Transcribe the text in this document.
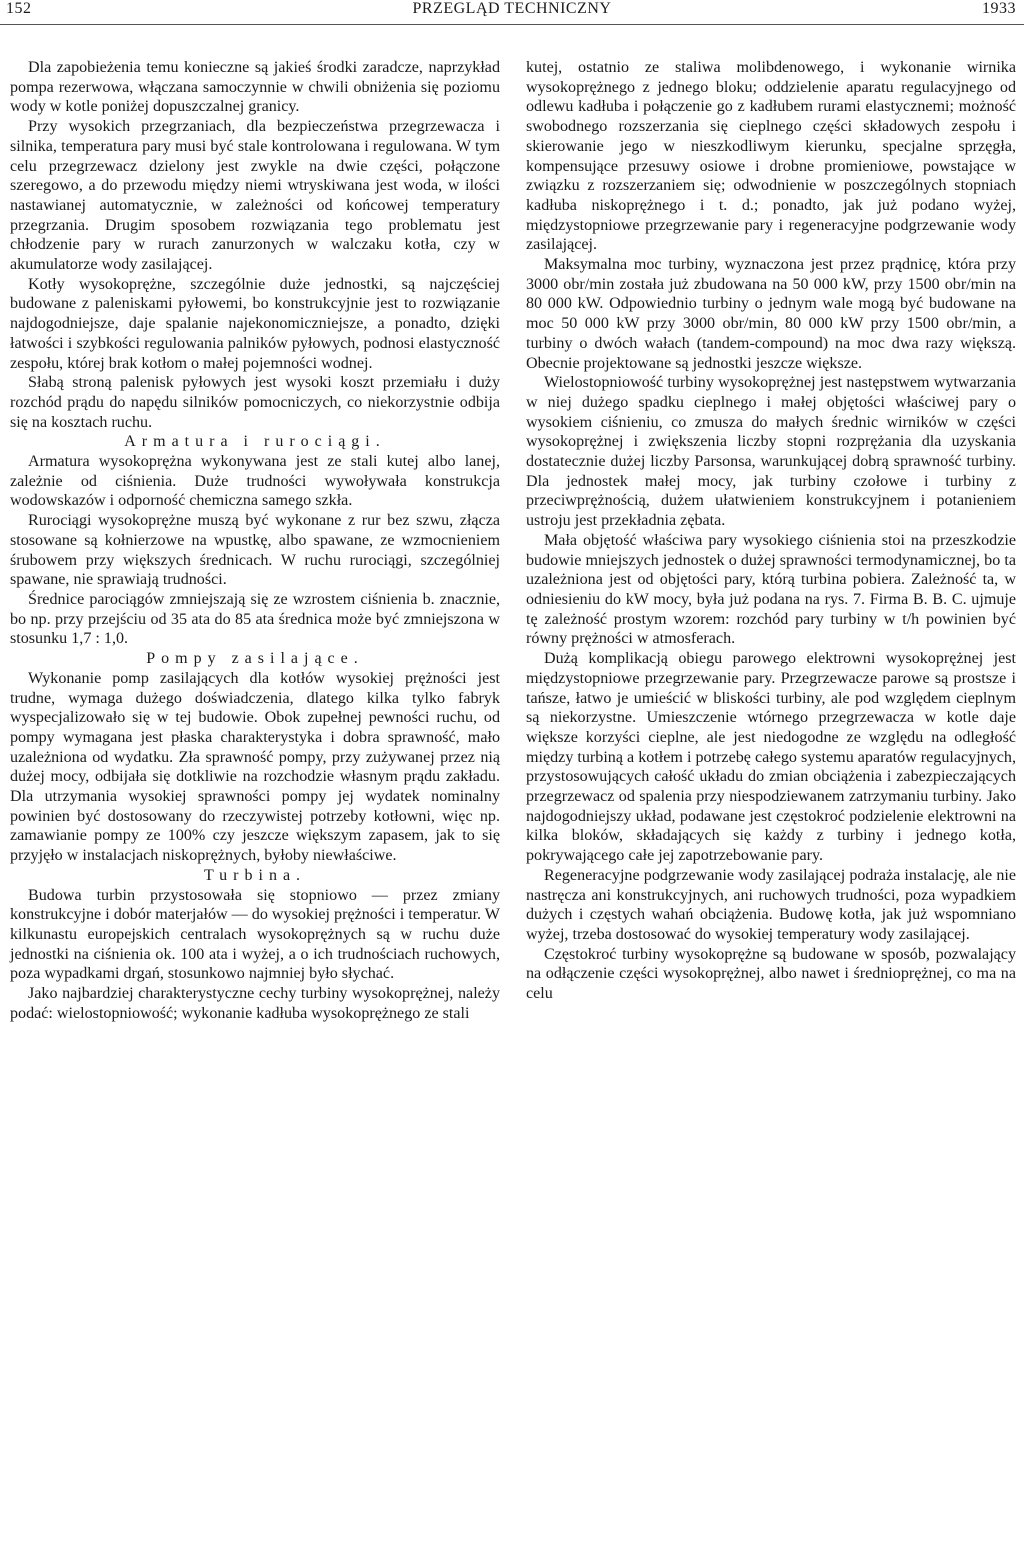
152	PRZEGLĄD TECHNICZNY	1933

Dla zapobieżenia temu konieczne są jakieś środki zaradcze, naprzykład pompa rezerwowa, włączana samoczynnie w chwili obniżenia się poziomu wody w kotle poniżej dopuszczalnej granicy.

Przy wysokich przegrzaniach, dla bezpieczeństwa przegrzewacza i silnika, temperatura pary musi być stale kontrolowana i regulowana. W tym celu przegrzewacz dzielony jest zwykle na dwie części, połączone szeregowo, a do przewodu między niemi wtryskiwana jest woda, w ilości nastawianej automatycznie, w zależności od końcowej temperatury przegrzania. Drugim sposobem rozwiązania tego problematu jest chłodzenie pary w rurach zanurzonych w walczaku kotła, czy w akumulatorze wody zasilającej.

Kotły wysokoprężne, szczególnie duże jednostki, są najczęściej budowane z paleniskami pyłowemi, bo konstrukcyjnie jest to rozwiązanie najdogodniejsze, daje spalanie najekonomiczniejsze, a ponadto, dzięki łatwości i szybkości regulowania palników pyłowych, podnosi elastyczność zespołu, której brak kotłom o małej pojemności wodnej.

Słabą stroną palenisk pyłowych jest wysoki koszt przemiału i duży rozchód prądu do napędu silników pomocniczych, co niekorzystnie odbija się na kosztach ruchu.

Armatura i rurociągi.

Armatura wysokoprężna wykonywana jest ze stali kutej albo lanej, zależnie od ciśnienia. Duże trudności wywoływała konstrukcja wodowskazów i odporność chemiczna samego szkła.

Rurociągi wysokoprężne muszą być wykonane z rur bez szwu, złącza stosowane są kołnierzowe na wpustkę, albo spawane, ze wzmocnieniem śrubowem przy większych średnicach. W ruchu rurociągi, szczególniej spawane, nie sprawiają trudności.

Średnice parociągów zmniejszają się ze wzrostem ciśnienia b. znacznie, bo np. przy przejściu od 35 ata do 85 ata średnica może być zmniejszona w stosunku 1,7 : 1,0.

Pompy zasilające.

Wykonanie pomp zasilających dla kotłów wysokiej prężności jest trudne, wymaga dużego doświadczenia, dlatego kilka tylko fabryk wyspecjalizowało się w tej budowie. Obok zupełnej pewności ruchu, od pompy wymagana jest płaska charakterystyka i dobra sprawność, mało uzależniona od wydatku. Zła sprawność pompy, przy zużywanej przez nią dużej mocy, odbijała się dotkliwie na rozchodzie własnym prądu zakładu. Dla utrzymania wysokiej sprawności pompy jej wydatek nominalny powinien być dostosowany do rzeczywistej potrzeby kotłowni, więc np. zamawianie pompy ze 100% czy jeszcze większym zapasem, jak to się przyjęło w instalacjach niskoprężnych, byłoby niewłaściwe.

Turbina.

Budowa turbin przystosowała się stopniowo — przez zmiany konstrukcyjne i dobór materjałów — do wysokiej prężności i temperatur. W kilkunastu europejskich centralach wysokoprężnych są w ruchu duże jednostki na ciśnienia ok. 100 ata i wyżej, a o ich trudnościach ruchowych, poza wypadkami drgań, stosunkowo najmniej było słychać.

Jako najbardziej charakterystyczne cechy turbiny wysokoprężnej, należy podać: wielostopniowość; wykonanie kadłuba wysokoprężnego ze stali

kutej, ostatnio ze staliwa molibdenowego, i wykonanie wirnika wysokoprężnego z jednego bloku; oddzielenie aparatu regulacyjnego od odlewu kadłuba i połączenie go z kadłubem rurami elastycznemi; możność swobodnego rozszerzania się cieplnego części składowych zespołu i skierowanie jego w nieszkodliwym kierunku, specjalne sprzęgła, kompensujące przesuwy osiowe i drobne promieniowe, powstające w związku z rozszerzaniem się; odwodnienie w poszczególnych stopniach kadłuba niskoprężnego i t. d.; ponadto, jak już podano wyżej, międzystopniowe przegrzewanie pary i regeneracyjne podgrzewanie wody zasilającej.

Maksymalna moc turbiny, wyznaczona jest przez prądnicę, która przy 3000 obr/min została już zbudowana na 50 000 kW, przy 1500 obr/min na 80 000 kW. Odpowiednio turbiny o jednym wale mogą być budowane na moc 50 000 kW przy 3000 obr/min, 80 000 kW przy 1500 obr/min, a turbiny o dwóch wałach (tandem-compound) na moc dwa razy większą. Obecnie projektowane są jednostki jeszcze większe.

Wielostopniowość turbiny wysokoprężnej jest następstwem wytwarzania w niej dużego spadku cieplnego i małej objętości właściwej pary o wysokiem ciśnieniu, co zmusza do małych średnic wirników w części wysokoprężnej i zwiększenia liczby stopni rozprężania dla uzyskania dostatecznie dużej liczby Parsonsa, warunkującej dobrą sprawność turbiny. Dla jednostek małej mocy, jak turbiny czołowe i turbiny z przeciwprężnością, dużem ułatwieniem konstrukcyjnem i potanieniem ustroju jest przekładnia zębata.

Mała objętość właściwa pary wysokiego ciśnienia stoi na przeszkodzie budowie mniejszych jednostek o dużej sprawności termodynamicznej, bo ta uzależniona jest od objętości pary, którą turbina pobiera. Zależność ta, w odniesieniu do kW mocy, była już podana na rys. 7. Firma B. B. C. ujmuje tę zależność prostym wzorem: rozchód pary turbiny w t/h powinien być równy prężności w atmosferach.

Dużą komplikacją obiegu parowego elektrowni wysokoprężnej jest międzystopniowe przegrzewanie pary. Przegrzewacze parowe są prostsze i tańsze, łatwo je umieścić w bliskości turbiny, ale pod względem cieplnym są niekorzystne. Umieszczenie wtórnego przegrzewacza w kotle daje większe korzyści cieplne, ale jest niedogodne ze względu na odległość między turbiną a kotłem i potrzebę całego systemu aparatów regulacyjnych, przystosowujących całość układu do zmian obciążenia i zabezpieczających przegrzewacz od spalenia przy niespodziewanem zatrzymaniu turbiny. Jako najdogodniejszy układ, podawane jest częstokroć podzielenie elektrowni na kilka bloków, składających się każdy z turbiny i jednego kotła, pokrywającego całe jej zapotrzebowanie pary.

Regeneracyjne podgrzewanie wody zasilającej podraża instalację, ale nie nastręcza ani konstrukcyjnych, ani ruchowych trudności, poza wypadkiem dużych i częstych wahań obciążenia. Budowę kotła, jak już wspomniano wyżej, trzeba dostosować do wysokiej temperatury wody zasilającej.

Częstokroć turbiny wysokoprężne są budowane w sposób, pozwalający na odłączenie części wysokoprężnej, albo nawet i średnioprężnej, co ma na celu
